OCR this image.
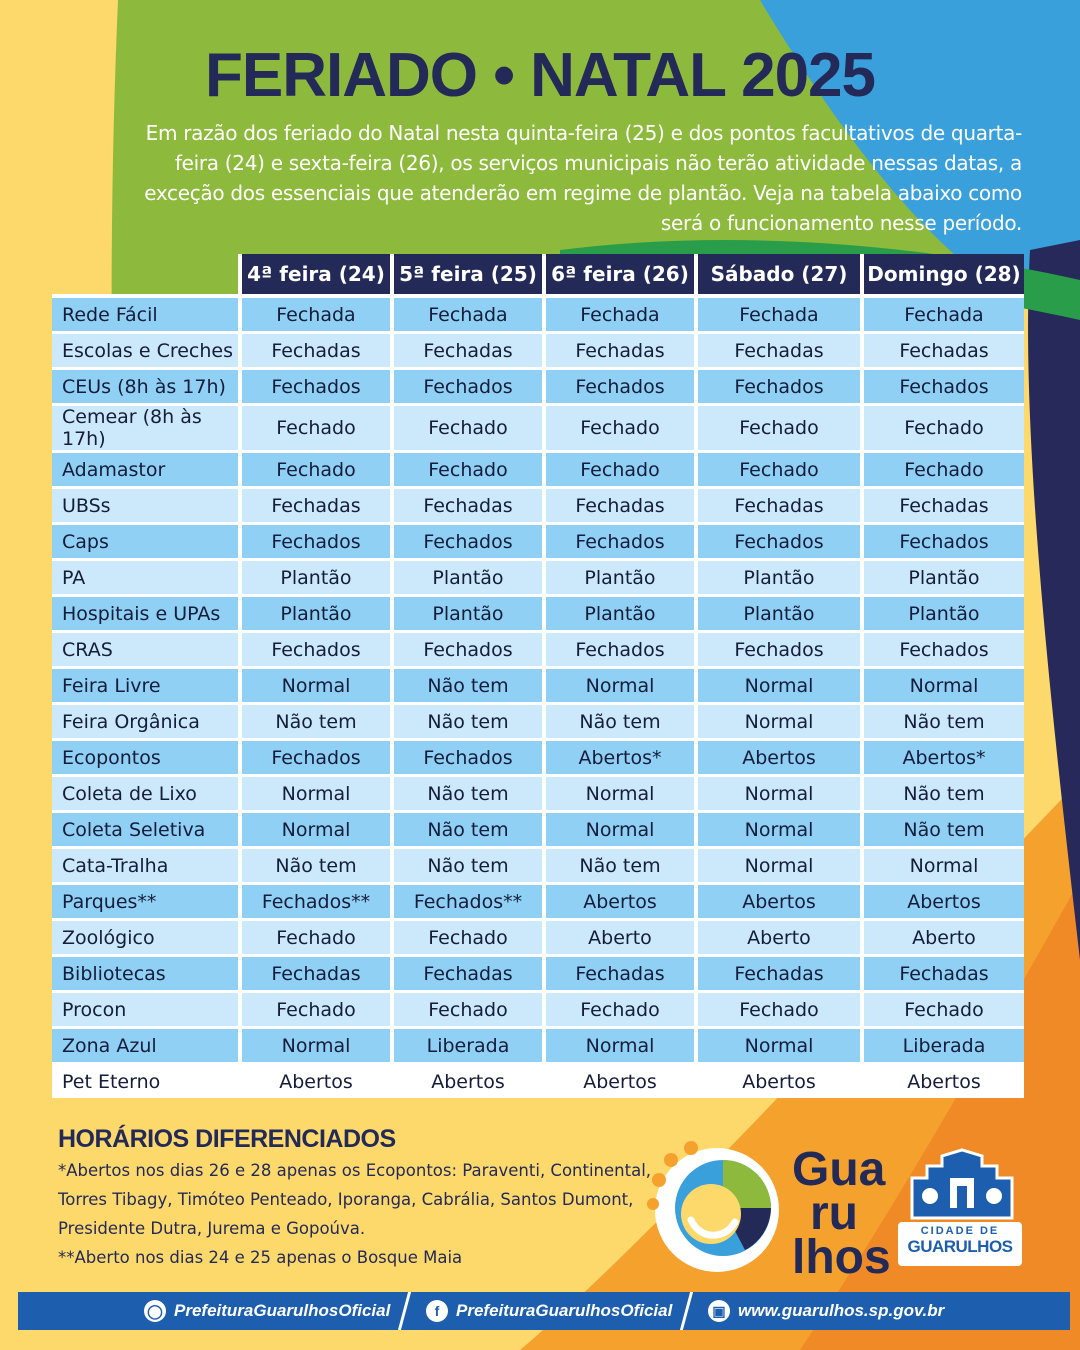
FERIADO • NATAL 2025

Em razão dos feriado do Natal nesta quinta-feira (25) e dos pontos facultativos de quarta-feira (24) e sexta-feira (26), os serviços municipais não terão atividade nessas datas, a exceção dos essenciais que atenderão em regime de plantão. Veja na tabela abaixo como será o funcionamento nesse período.

	4ª feira (24)	5ª feira (25)	6ª feira (26)	Sábado (27)	Domingo (28)
Rede Fácil	Fechada	Fechada	Fechada	Fechada	Fechada
Escolas e Creches	Fechadas	Fechadas	Fechadas	Fechadas	Fechadas
CEUs (8h às 17h)	Fechados	Fechados	Fechados	Fechados	Fechados
Cemear (8h às 17h)	Fechado	Fechado	Fechado	Fechado	Fechado
Adamastor	Fechado	Fechado	Fechado	Fechado	Fechado
UBSs	Fechadas	Fechadas	Fechadas	Fechadas	Fechadas
Caps	Fechados	Fechados	Fechados	Fechados	Fechados
PA	Plantão	Plantão	Plantão	Plantão	Plantão
Hospitais e UPAs	Plantão	Plantão	Plantão	Plantão	Plantão
CRAS	Fechados	Fechados	Fechados	Fechados	Fechados
Feira Livre	Normal	Não tem	Normal	Normal	Normal
Feira Orgânica	Não tem	Não tem	Não tem	Normal	Não tem
Ecopontos	Fechados	Fechados	Abertos*	Abertos	Abertos*
Coleta de Lixo	Normal	Não tem	Normal	Normal	Não tem
Coleta Seletiva	Normal	Não tem	Normal	Normal	Não tem
Cata-Tralha	Não tem	Não tem	Não tem	Normal	Normal
Parques**	Fechados**	Fechados**	Abertos	Abertos	Abertos
Zoológico	Fechado	Fechado	Aberto	Aberto	Aberto
Bibliotecas	Fechadas	Fechadas	Fechadas	Fechadas	Fechadas
Procon	Fechado	Fechado	Fechado	Fechado	Fechado
Zona Azul	Normal	Liberada	Normal	Normal	Liberada
Pet Eterno	Abertos	Abertos	Abertos	Abertos	Abertos
HORÁRIOS DIFERENCIADOS

*Abertos nos dias 26 e 28 apenas os Ecopontos: Paraventi, Continental,

Torres Tibagy, Timóteo Penteado, Iporanga, Cabrália, Santos Dumont,

Presidente Dutra, Jurema e Gopoúva.

**Aberto nos dias 24 e 25 apenas o Bosque Maia

Gua
ru
lhos	CIDADE DE
GUARULHOS
◯ PrefeituraGuarulhosOficial	f PrefeituraGuarulhosOficial	▣ www.guarulhos.sp.gov.br
